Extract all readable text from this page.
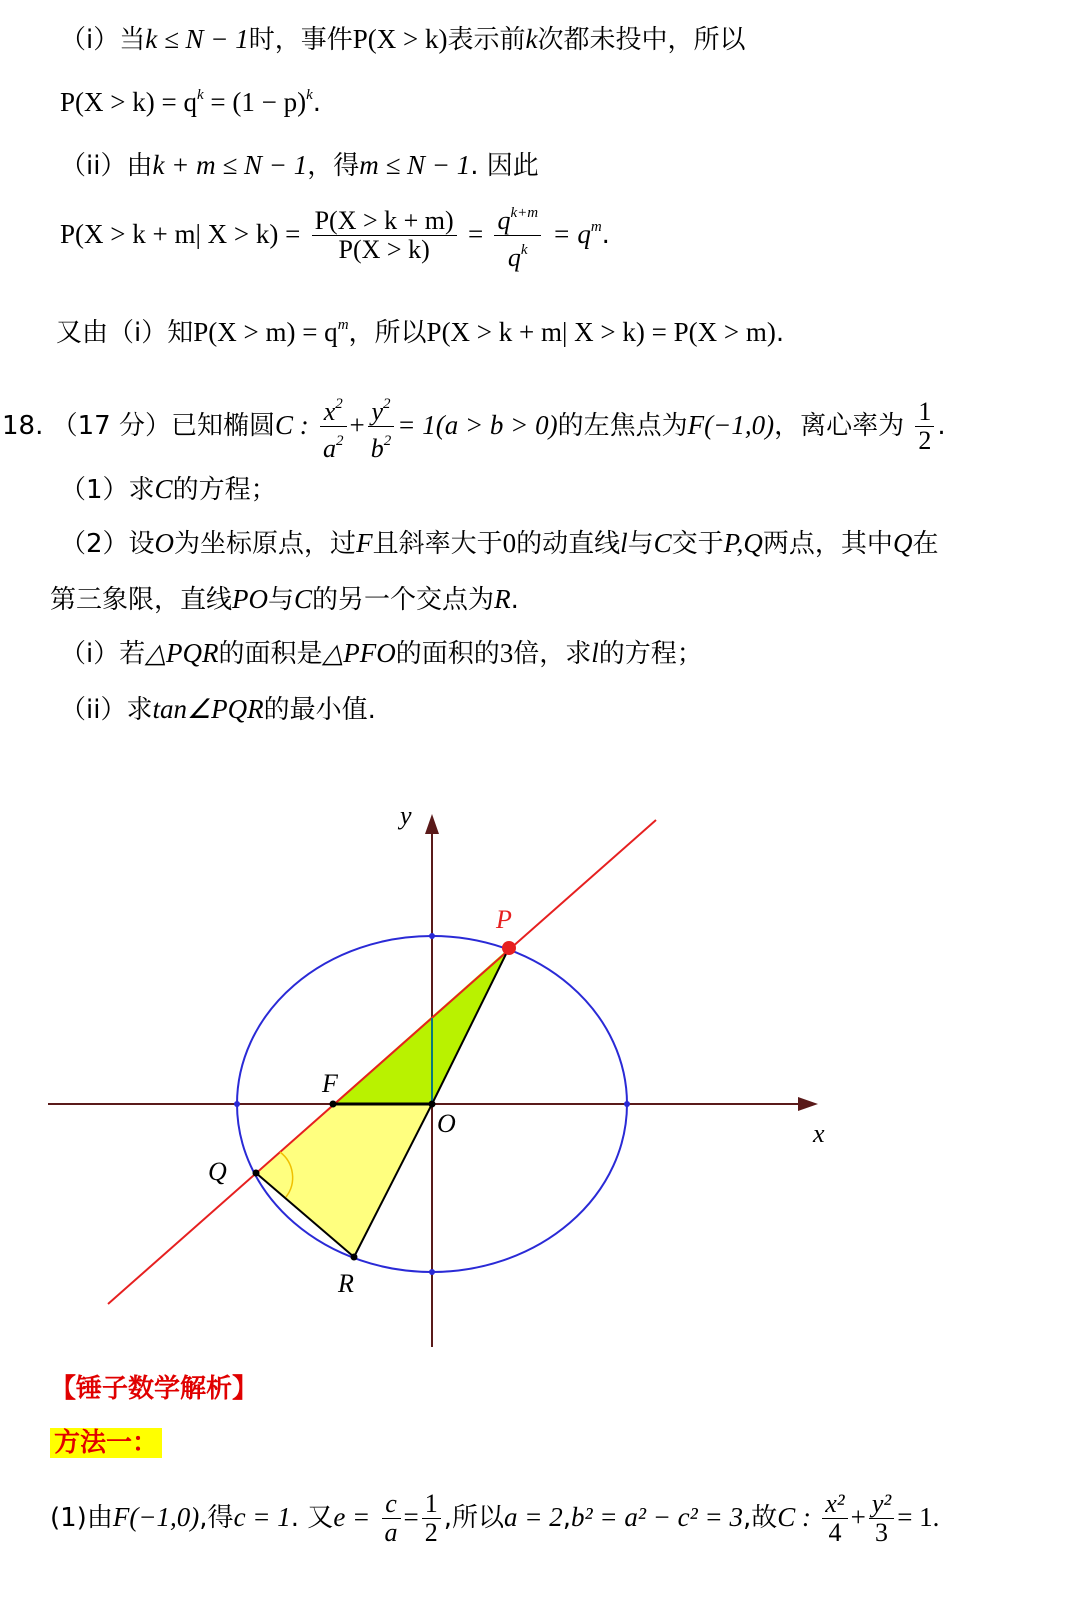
（i）当k ≤ N − 1时，事件P(X > k)表示前k次都未投中，所以
$P(X > k) = q^k = (1 - p)^k$.
（ii）由k + m ≤ N − 1，得m ≤ N − 1. 因此
P(X > k + m| $X > k) = \frac{P(X > k + m)}{P(X > k)} = \frac{q^{k+m}}{q^k} = q^m$.
又由（i）知$P(X > m) = q^m$，所以P(X > k + m| X > k) = P(X > m).
18. （17 分）已知椭圆C : $\frac{x^2}{a^2} + \frac{y^2}{b^2} = 1(a > b > 0)$的左焦点为F(−1,0)，离心率为 $\frac{1}{2}$ .
（1）求C的方程；
（2）设O为坐标原点，过F且斜率大于0的动直线l与C交于P,Q两点，其中Q在
第三象限，直线PO与C的另一个交点为R.
（i）若△PQR的面积是△PFO的面积的3倍，求l的方程；
（ii）求tan∠PQR的最小值.
y
x
P
F
O
Q
R
【锤子数学解析】
方法一：
(1)由F(−1,0),得c = 1. 又$e = \frac{c}{a} = \frac{1}{2}$ ,所以a = 2,b² = a² − c² = 3,故C : $\frac{\text{x²}}{4} + \frac{\text{y²}}{3} = 1$.
